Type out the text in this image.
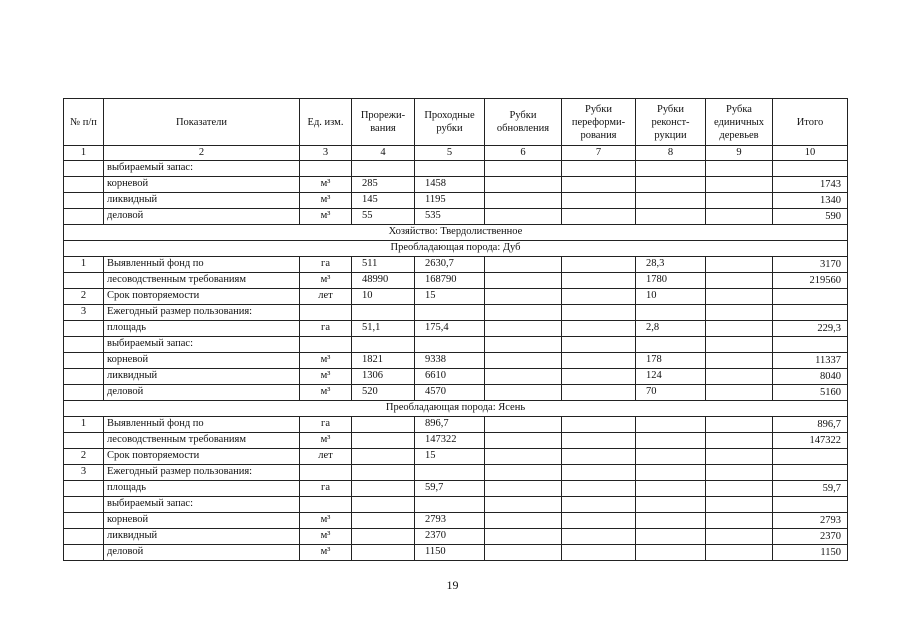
№ п/п	Показатели	Ед. изм.	Прорежи-вания	Проходные рубки	Рубки обновления	Рубки переформи-рования	Рубки реконст-рукции	Рубка единичных деревьев	Итого
1	2	3	4	5	6	7	8	9	10
	выбираемый запас:								
	корневой	м³	285	1458					1743
	ликвидный	м³	145	1195					1340
	деловой	м³	55	535					590
Хозяйство: Твердолиственное									
Преобладающая порода: Дуб									
1	Выявленный фонд по	га	511	2630,7			28,3		3170
	лесоводственным требованиям	м³	48990	168790			1780		219560
2	Срок повторяемости	лет	10	15			10		
3	Ежегодный размер пользования:								
	площадь	га	51,1	175,4			2,8		229,3
	выбираемый запас:								
	корневой	м³	1821	9338			178		11337
	ликвидный	м³	1306	6610			124		8040
	деловой	м³	520	4570			70		5160
Преобладающая порода: Ясень									
1	Выявленный фонд по	га		896,7					896,7
	лесоводственным требованиям	м³		147322					147322
2	Срок повторяемости	лет		15					
3	Ежегодный размер пользования:								
	площадь	га		59,7					59,7
	выбираемый запас:								
	корневой	м³		2793					2793
	ликвидный	м³		2370					2370
	деловой	м³		1150					1150
19
